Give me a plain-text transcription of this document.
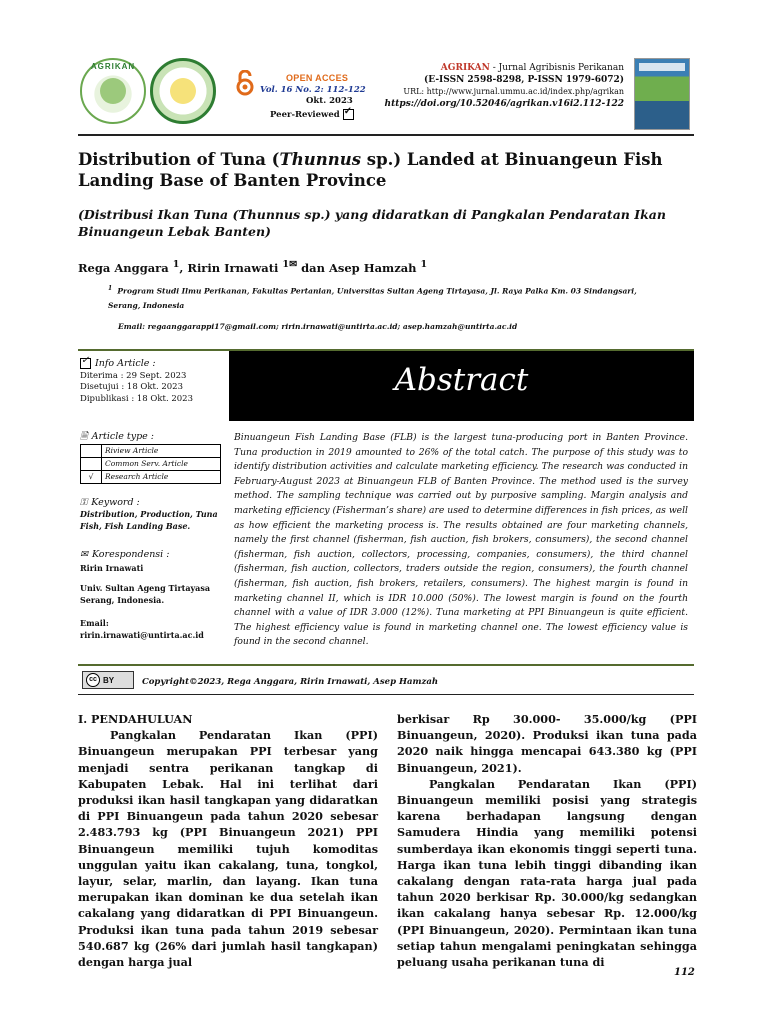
AGRIKAN
OPEN ACCES
Vol. 16 No. 2: 112-122
Okt. 2023
Peer-Reviewed
✓
AGRIKAN - Jurnal Agribisnis Perikanan
(E-ISSN 2598-8298, P-ISSN 1979-6072)
URL: http://www.jurnal.ummu.ac.id/index.php/agrikan
https://doi.org/10.52046/agrikan.v16i2.112-122
Distribution of Tuna (Thunnus sp.) Landed at Binuangeun Fish Landing Base of Banten Province
(Distribusi Ikan Tuna (Thunnus sp.) yang didaratkan di Pangkalan Pendaratan Ikan Binuangeun Lebak Banten)
Rega Anggara $^1$, Ririn Irnawati $^{1✉}$ dan Asep Hamzah $^1$
$^1$ Program Studi Ilmu Perikanan, Fakultas Pertanian, Universitas Sultan Ageng Tirtayasa, Jl. Raya Palka Km. 03 Sindangsari, Serang, Indonesia
Email: regaanggarappi17@gmail.com; ririn.irnawati@untirta.ac.id; asep.hamzah@untirta.ac.id
✓
Info Article :
Diterima : 29 Sept. 2023
Disetujui : 18 Okt. 2023
Dipublikasi : 18 Okt. 2023
🗎 Article type :
	Riview Article
	Common Serv. Article
√	Research Article
⚿ Keyword :
Distribution, Production, Tuna Fish, Fish Landing Base.
✉ Korespondensi :
Ririn Irnawati
Univ. Sultan Ageng Tirtayasa Serang, Indonesia.
Email:
ririn.irnawati@untirta.ac.id
Abstract
Binuangeun Fish Landing Base (FLB) is the largest tuna-producing port in Banten Province. Tuna production in 2019 amounted to 26% of the total catch. The purpose of this study was to identify distribution activities and calculate marketing efficiency. The research was conducted in February-August 2023 at Binuangeun FLB of Banten Province. The method used is the survey method. The sampling technique was carried out by purposive sampling. Margin analysis and marketing efficiency (Fisherman’s share) are used to determine differences in fish prices, as well as how efficient the marketing process is. The results obtained are four marketing channels, namely the first channel (fisherman, fish auction, fish brokers, consumers), the second channel (fisherman, fish auction, collectors, processing, companies, consumers), the third channel (fisherman, fish auction, collectors, traders outside the region, consumers), the fourth channel (fisherman, fish auction, fish brokers, retailers, consumers). The highest margin is found in marketing channel II, which is IDR 10.000 (50%). The lowest margin is found on the fourth channel with a value of IDR 3.000 (12%). Tuna marketing at PPI Binuangeun is quite efficient. The highest efficiency value is found in marketing channel one. The lowest efficiency value is found in the second channel.
cc BY	Copyright©2023, Rega Anggara, Ririn Irnawati, Asep Hamzah

I. PENDAHULUAN

Pangkalan Pendaratan Ikan (PPI) Binuangeun merupakan PPI terbesar yang menjadi sentra perikanan tangkap di Kabupaten Lebak. Hal ini terlihat dari produksi ikan hasil tangkapan yang didaratkan di PPI Binuangeun pada tahun 2020 sebesar 2.483.793 kg (PPI Binuangeun 2021) PPI Binuangeun memiliki tujuh komoditas unggulan yaitu ikan cakalang, tuna, tongkol, layur, selar, marlin, dan layang. Ikan tuna merupakan ikan dominan ke dua setelah ikan cakalang yang didaratkan di PPI Binuangeun. Produksi ikan tuna pada tahun 2019 sebesar 540.687 kg (26% dari jumlah hasil tangkapan) dengan harga jual

berkisar Rp 30.000- 35.000/kg (PPI Binuangeun, 2020). Produksi ikan tuna pada 2020 naik hingga mencapai 643.380 kg (PPI Binuangeun, 2021).

Pangkalan Pendaratan Ikan (PPI) Binuangeun memiliki posisi yang strategis karena berhadapan langsung dengan Samudera Hindia yang memiliki potensi sumberdaya ikan ekonomis tinggi seperti tuna. Harga ikan tuna lebih tinggi dibanding ikan cakalang dengan rata-rata harga jual pada tahun 2020 berkisar Rp. 30.000/kg sedangkan ikan cakalang hanya sebesar Rp. 12.000/kg (PPI Binuangeun, 2020). Permintaan ikan tuna setiap tahun mengalami peningkatan sehingga peluang usaha perikanan tuna di

112
